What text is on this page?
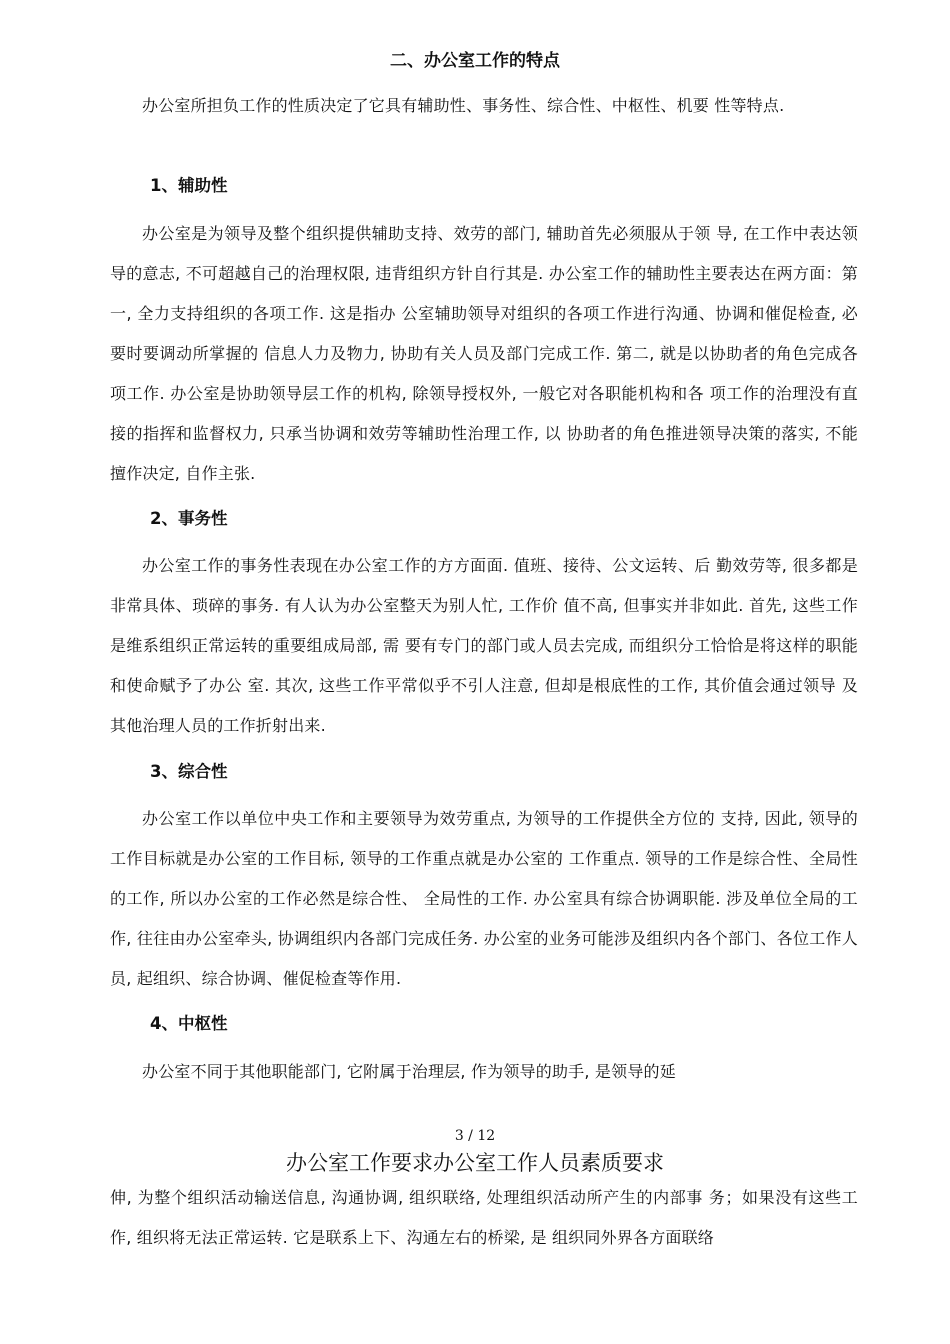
二、办公室工作的特点
办公室所担负工作的性质决定了它具有辅助性、事务性、综合性、中枢性、机要 性等特点.
1、辅助性
办公室是为领导及整个组织提供辅助支持、效劳的部门, 辅助首先必须服从于领 导, 在工作中表达领导的意志, 不可超越自己的治理权限, 违背组织方针自行其是. 办公室工作的辅助性主要表达在两方面：第一, 全力支持组织的各项工作. 这是指办 公室辅助领导对组织的各项工作进行沟通、协调和催促检查, 必要时要调动所掌握的 信息人力及物力, 协助有关人员及部门完成工作. 第二, 就是以协助者的角色完成各 项工作. 办公室是协助领导层工作的机构, 除领导授权外, 一般它对各职能机构和各 项工作的治理没有直接的指挥和监督权力, 只承当协调和效劳等辅助性治理工作, 以 协助者的角色推进领导决策的落实, 不能擅作决定, 自作主张.
2、事务性
办公室工作的事务性表现在办公室工作的方方面面. 值班、接待、公文运转、后 勤效劳等, 很多都是非常具体、琐碎的事务. 有人认为办公室整天为别人忙, 工作价 值不高, 但事实并非如此. 首先, 这些工作是维系组织正常运转的重要组成局部, 需 要有专门的部门或人员去完成, 而组织分工恰恰是将这样的职能和使命赋予了办公 室. 其次, 这些工作平常似乎不引人注意, 但却是根底性的工作, 其价值会通过领导 及其他治理人员的工作折射出来.
3、综合性
办公室工作以单位中央工作和主要领导为效劳重点, 为领导的工作提供全方位的 支持, 因此, 领导的工作目标就是办公室的工作目标, 领导的工作重点就是办公室的 工作重点. 领导的工作是综合性、全局性的工作, 所以办公室的工作必然是综合性、 全局性的工作. 办公室具有综合协调职能. 涉及单位全局的工作, 往往由办公室牵头, 协调组织内各部门完成任务. 办公室的业务可能涉及组织内各个部门、各位工作人员, 起组织、综合协调、催促检查等作用.
4、中枢性
办公室不同于其他职能部门, 它附属于治理层, 作为领导的助手, 是领导的延
3 / 12
办公室工作要求办公室工作人员素质要求
伸, 为整个组织活动输送信息, 沟通协调, 组织联络, 处理组织活动所产生的内部事 务；如果没有这些工作, 组织将无法正常运转. 它是联系上下、沟通左右的桥梁, 是 组织同外界各方面联络
